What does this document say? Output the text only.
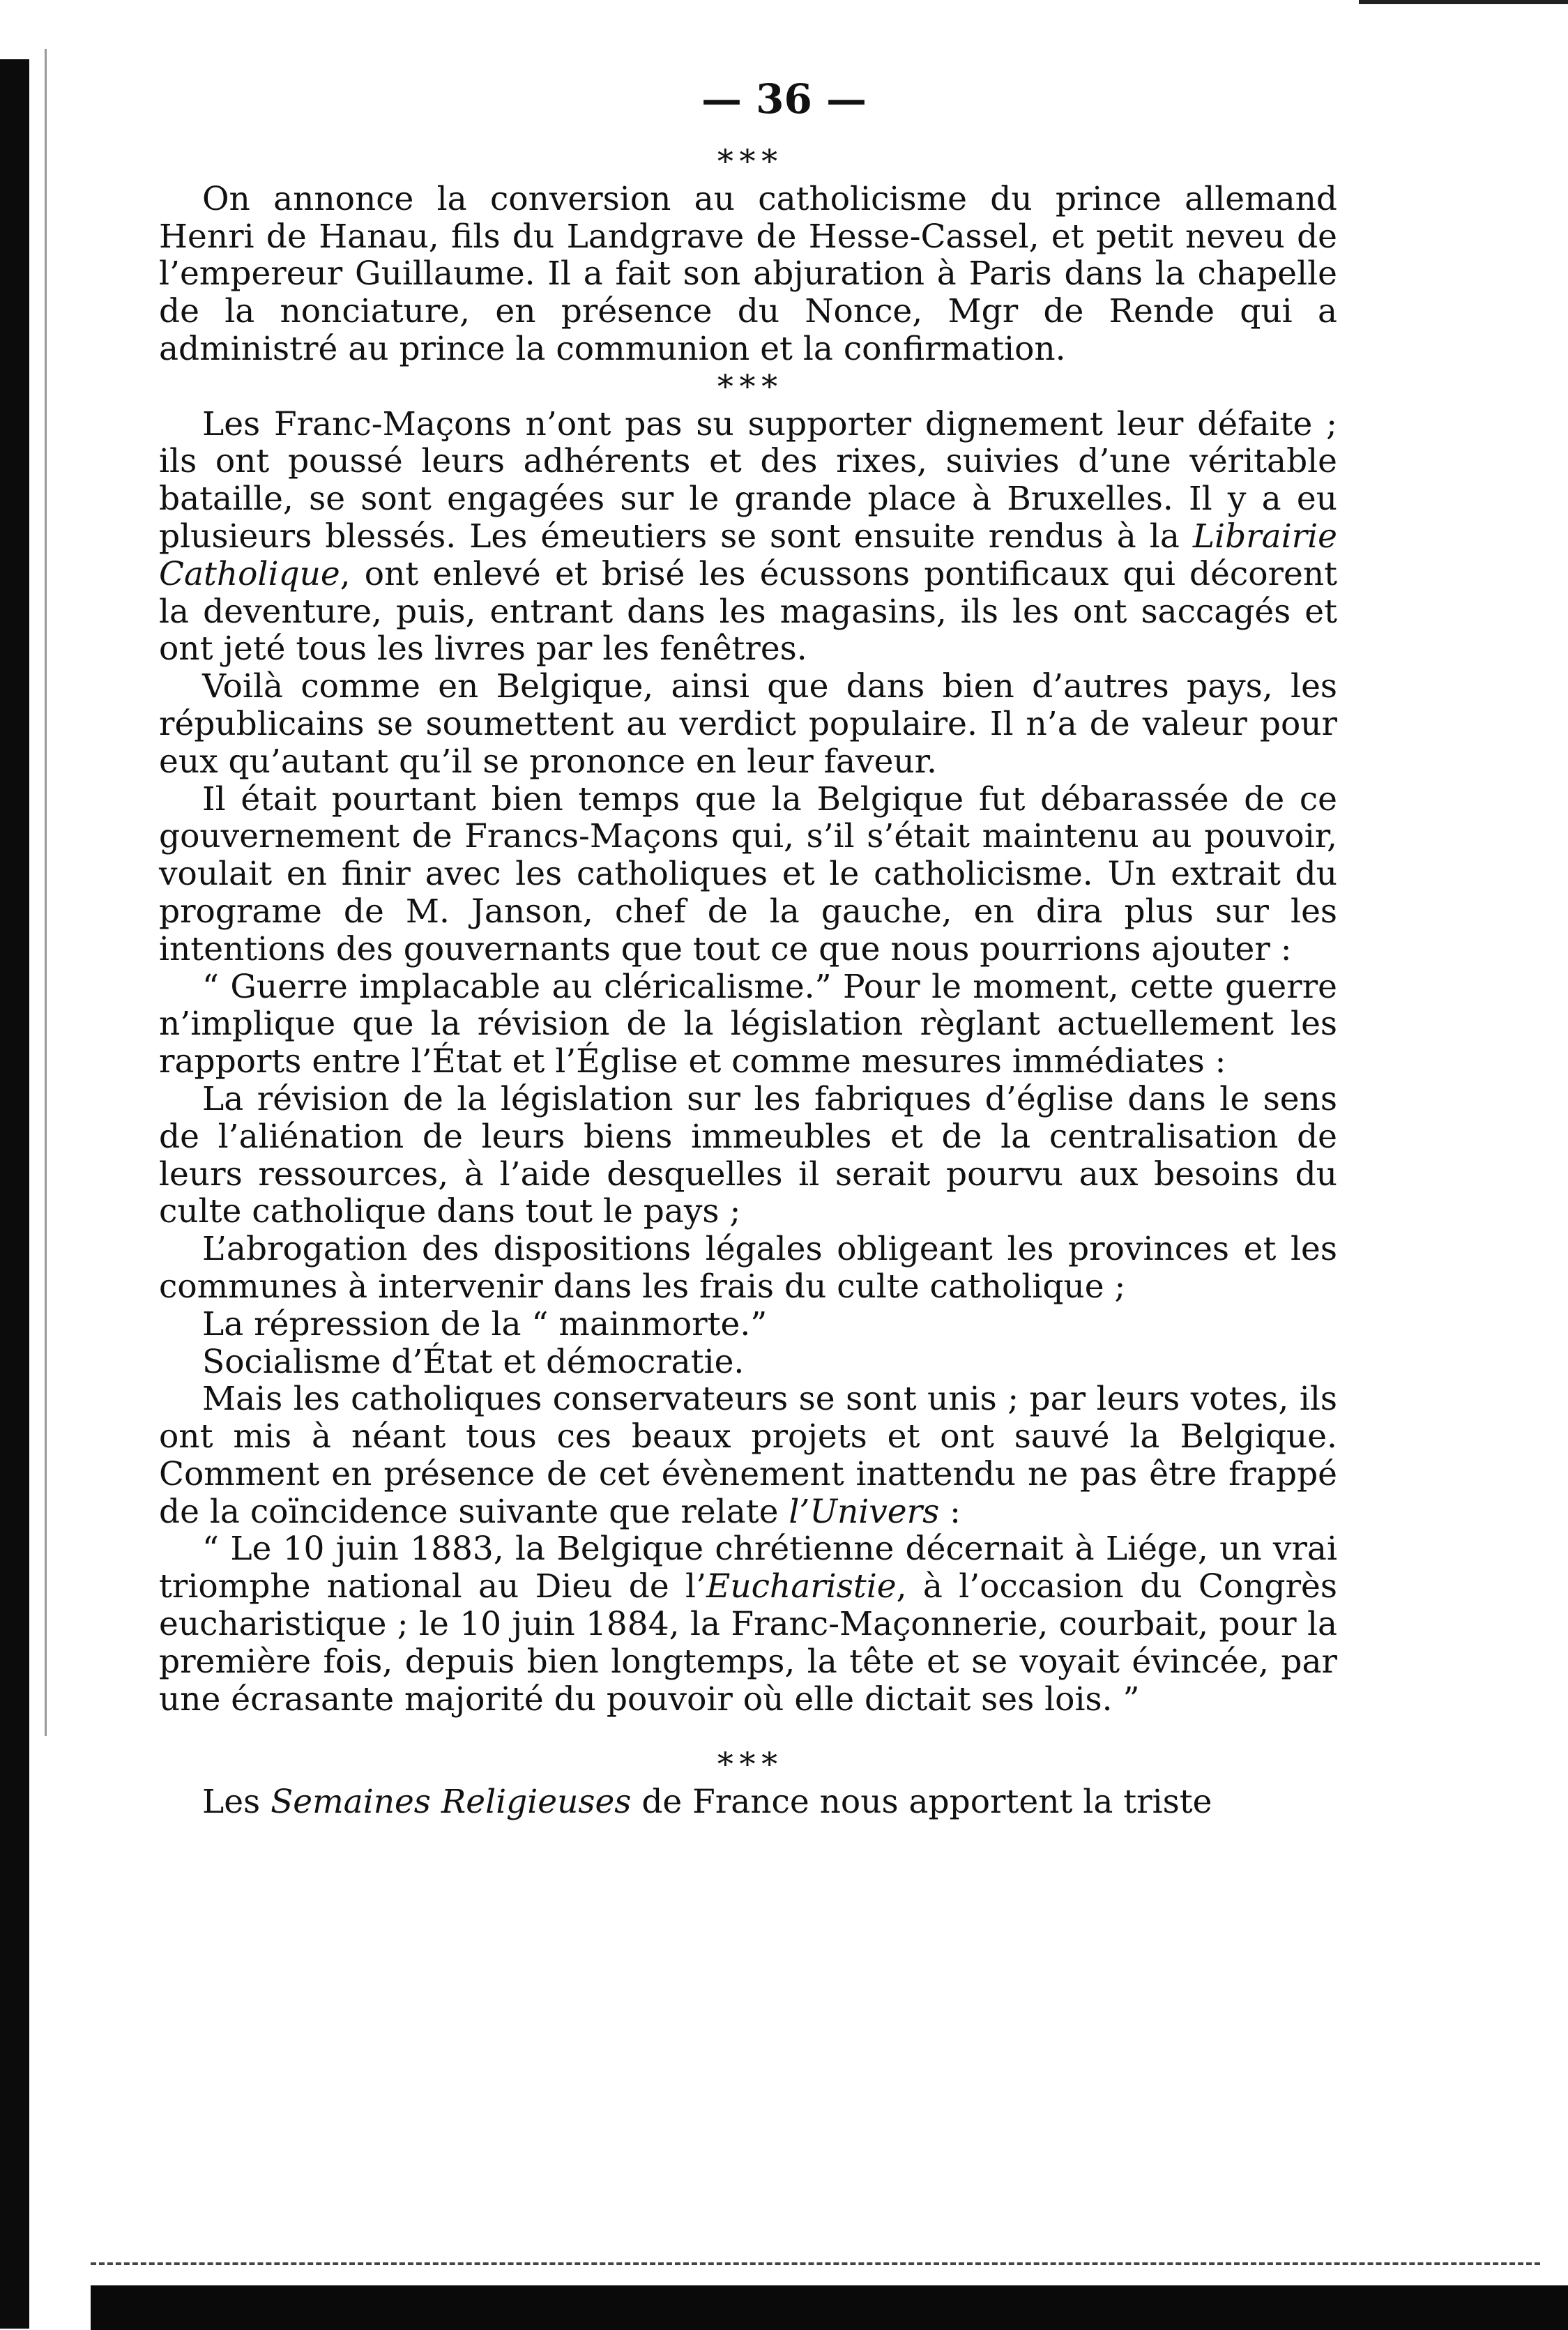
— 36 —
* * *

On annonce la conversion au catholicisme du prince allemand Henri de Hanau, fils du Landgrave de Hesse-Cassel, et petit neveu de l’empereur Guillaume. Il a fait son abjuration à Paris dans la chapelle de la nonciature, en présence du Nonce, Mgr de Rende qui a administré au prince la communion et la confirmation.

* * *

Les Franc-Maçons n’ont pas su supporter dignement leur défaite ; ils ont poussé leurs adhérents et des rixes, suivies d’une véritable bataille, se sont engagées sur le grande place à Bruxelles. Il y a eu plusieurs blessés. Les émeutiers se sont ensuite rendus à la Librairie Catholique, ont enlevé et brisé les écussons pontificaux qui décorent la deventure, puis, entrant dans les magasins, ils les ont saccagés et ont jeté tous les livres par les fenêtres.

Voilà comme en Belgique, ainsi que dans bien d’autres pays, les républicains se soumettent au verdict populaire. Il n’a de valeur pour eux qu’autant qu’il se prononce en leur faveur.

Il était pourtant bien temps que la Belgique fut débarassée de ce gouvernement de Francs-Maçons qui, s’il s’était maintenu au pouvoir, voulait en finir avec les catholiques et le catholicisme. Un extrait du programe de M. Janson, chef de la gauche, en dira plus sur les intentions des gouvernants que tout ce que nous pourrions ajouter :

“ Guerre implacable au cléricalisme.” Pour le moment, cette guerre n’implique que la révision de la législation règlant actuellement les rapports entre l’État et l’Église et comme mesures immédiates :

La révision de la législation sur les fabriques d’église dans le sens de l’aliénation de leurs biens immeubles et de la centralisation de leurs ressources, à l’aide desquelles il serait pourvu aux besoins du culte catholique dans tout le pays ;

L’abrogation des dispositions légales obligeant les provinces et les communes à intervenir dans les frais du culte catholique ;

La répression de la “ mainmorte.”

Socialisme d’État et démocratie.

Mais les catholiques conservateurs se sont unis ; par leurs votes, ils ont mis à néant tous ces beaux projets et ont sauvé la Belgique. Comment en présence de cet évènement inattendu ne pas être frappé de la coïncidence suivante que relate l’Univers :

“ Le 10 juin 1883, la Belgique chrétienne décernait à Liége, un vrai triomphe national au Dieu de l’Eucharistie, à l’occasion du Congrès eucharistique ; le 10 juin 1884, la Franc-Maçonnerie, courbait, pour la première fois, depuis bien longtemps, la tête et se voyait évincée, par une écrasante majorité du pouvoir où elle dictait ses lois. ”

* * *

Les Semaines Religieuses de France nous apportent la triste
